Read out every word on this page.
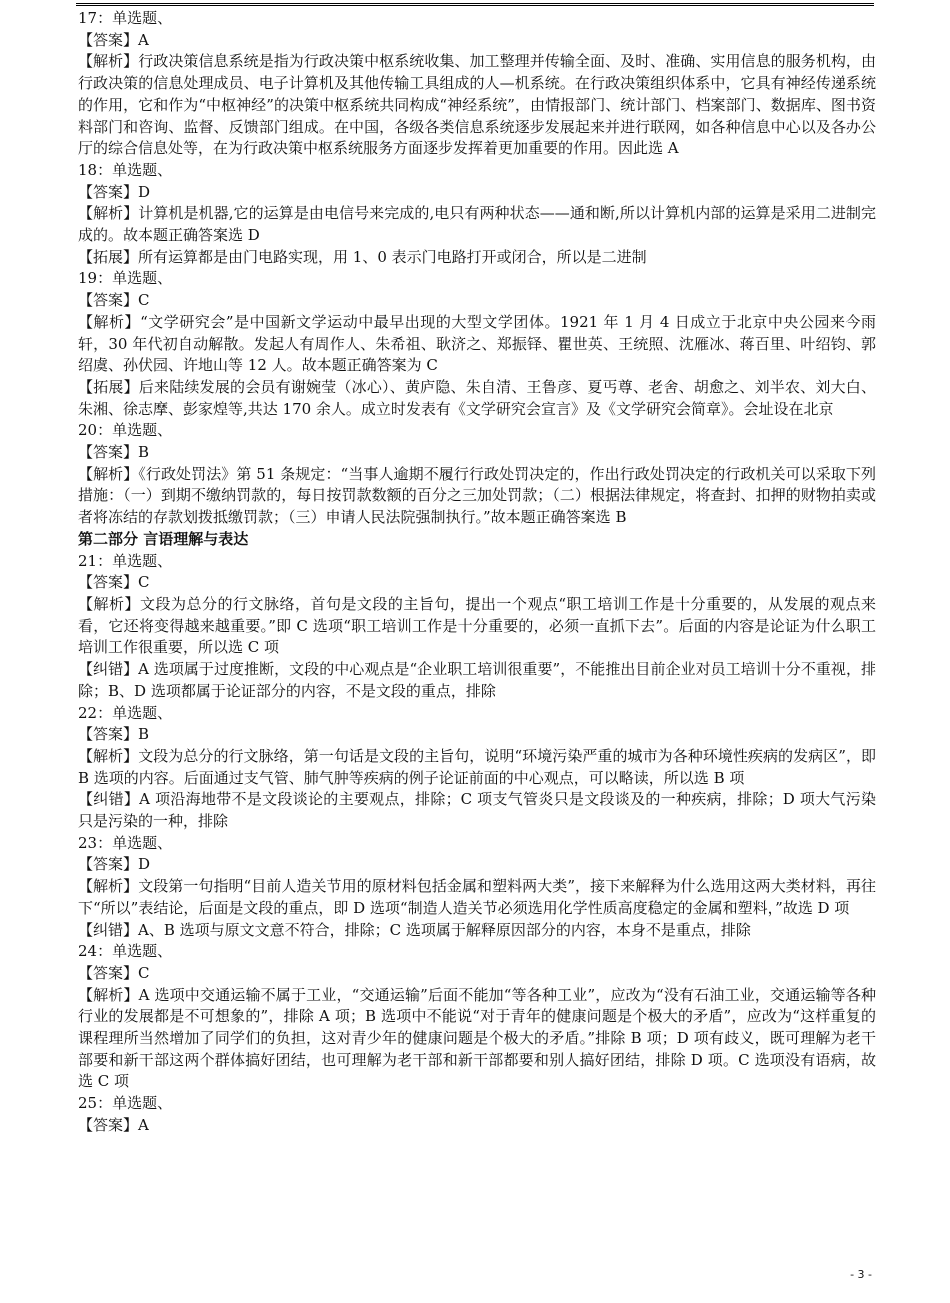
17：单选题、

【答案】A

【解析】行政决策信息系统是指为行政决策中枢系统收集、加工整理并传输全面、及时、准确、实用信息的服务机构，由行政决策的信息处理成员、电子计算机及其他传输工具组成的人—机系统。在行政决策组织体系中，它具有神经传递系统的作用，它和作为“中枢神经”的决策中枢系统共同构成“神经系统”，由情报部门、统计部门、档案部门、数据库、图书资料部门和咨询、监督、反馈部门组成。在中国，各级各类信息系统逐步发展起来并进行联网，如各种信息中心以及各办公厅的综合信息处等，在为行政决策中枢系统服务方面逐步发挥着更加重要的作用。因此选 A

18：单选题、

【答案】D

【解析】计算机是机器,它的运算是由电信号来完成的,电只有两种状态——通和断,所以计算机内部的运算是采用二进制完成的。故本题正确答案选 D

【拓展】所有运算都是由门电路实现，用 1、0 表示门电路打开或闭合，所以是二进制

19：单选题、

【答案】C

【解析】“文学研究会”是中国新文学运动中最早出现的大型文学团体。1921 年 1 月 4 日成立于北京中央公园来今雨轩，30 年代初自动解散。发起人有周作人、朱希祖、耿济之、郑振铎、瞿世英、王统照、沈雁冰、蒋百里、叶绍钧、郭绍虞、孙伏园、许地山等 12 人。故本题正确答案为 C

【拓展】后来陆续发展的会员有谢婉莹（冰心）、黄庐隐、朱自清、王鲁彦、夏丐尊、老舍、胡愈之、刘半农、刘大白、朱湘、徐志摩、彭家煌等,共达 170 余人。成立时发表有《文学研究会宣言》及《文学研究会简章》。会址设在北京

20：单选题、

【答案】B

【解析】《行政处罚法》第 51 条规定：“当事人逾期不履行行政处罚决定的，作出行政处罚决定的行政机关可以采取下列措施：（一）到期不缴纳罚款的，每日按罚款数额的百分之三加处罚款；（二）根据法律规定，将查封、扣押的财物拍卖或者将冻结的存款划拨抵缴罚款；（三）申请人民法院强制执行。”故本题正确答案选 B

第二部分 言语理解与表达

21：单选题、

【答案】C

【解析】文段为总分的行文脉络，首句是文段的主旨句，提出一个观点“职工培训工作是十分重要的，从发展的观点来看，它还将变得越来越重要。”即 C 选项“职工培训工作是十分重要的，必须一直抓下去”。后面的内容是论证为什么职工培训工作很重要，所以选 C 项

【纠错】A 选项属于过度推断，文段的中心观点是“企业职工培训很重要”，不能推出目前企业对员工培训十分不重视，排除；B、D 选项都属于论证部分的内容，不是文段的重点，排除

22：单选题、

【答案】B

【解析】文段为总分的行文脉络，第一句话是文段的主旨句，说明“环境污染严重的城市为各种环境性疾病的发病区”，即 B 选项的内容。后面通过支气管、肺气肿等疾病的例子论证前面的中心观点，可以略读，所以选 B 项

【纠错】A 项沿海地带不是文段谈论的主要观点，排除；C 项支气管炎只是文段谈及的一种疾病，排除；D 项大气污染只是污染的一种，排除

23：单选题、

【答案】D

【解析】文段第一句指明“目前人造关节用的原材料包括金属和塑料两大类”，接下来解释为什么选用这两大类材料，再往下“所以”表结论，后面是文段的重点，即 D 选项“制造人造关节必须选用化学性质高度稳定的金属和塑料，”故选 D 项

【纠错】A、B 选项与原文文意不符合，排除；C 选项属于解释原因部分的内容，本身不是重点，排除

24：单选题、

【答案】C

【解析】A 选项中交通运输不属于工业，“交通运输”后面不能加“等各种工业”，应改为“没有石油工业，交通运输等各种行业的发展都是不可想象的”，排除 A 项；B 选项中不能说“对于青年的健康问题是个极大的矛盾”，应改为“这样重复的课程理所当然增加了同学们的负担，这对青少年的健康问题是个极大的矛盾。”排除 B 项；D 项有歧义，既可理解为老干部要和新干部这两个群体搞好团结，也可理解为老干部和新干部都要和别人搞好团结，排除 D 项。C 选项没有语病，故选 C 项

25：单选题、

【答案】A

- 3 -
